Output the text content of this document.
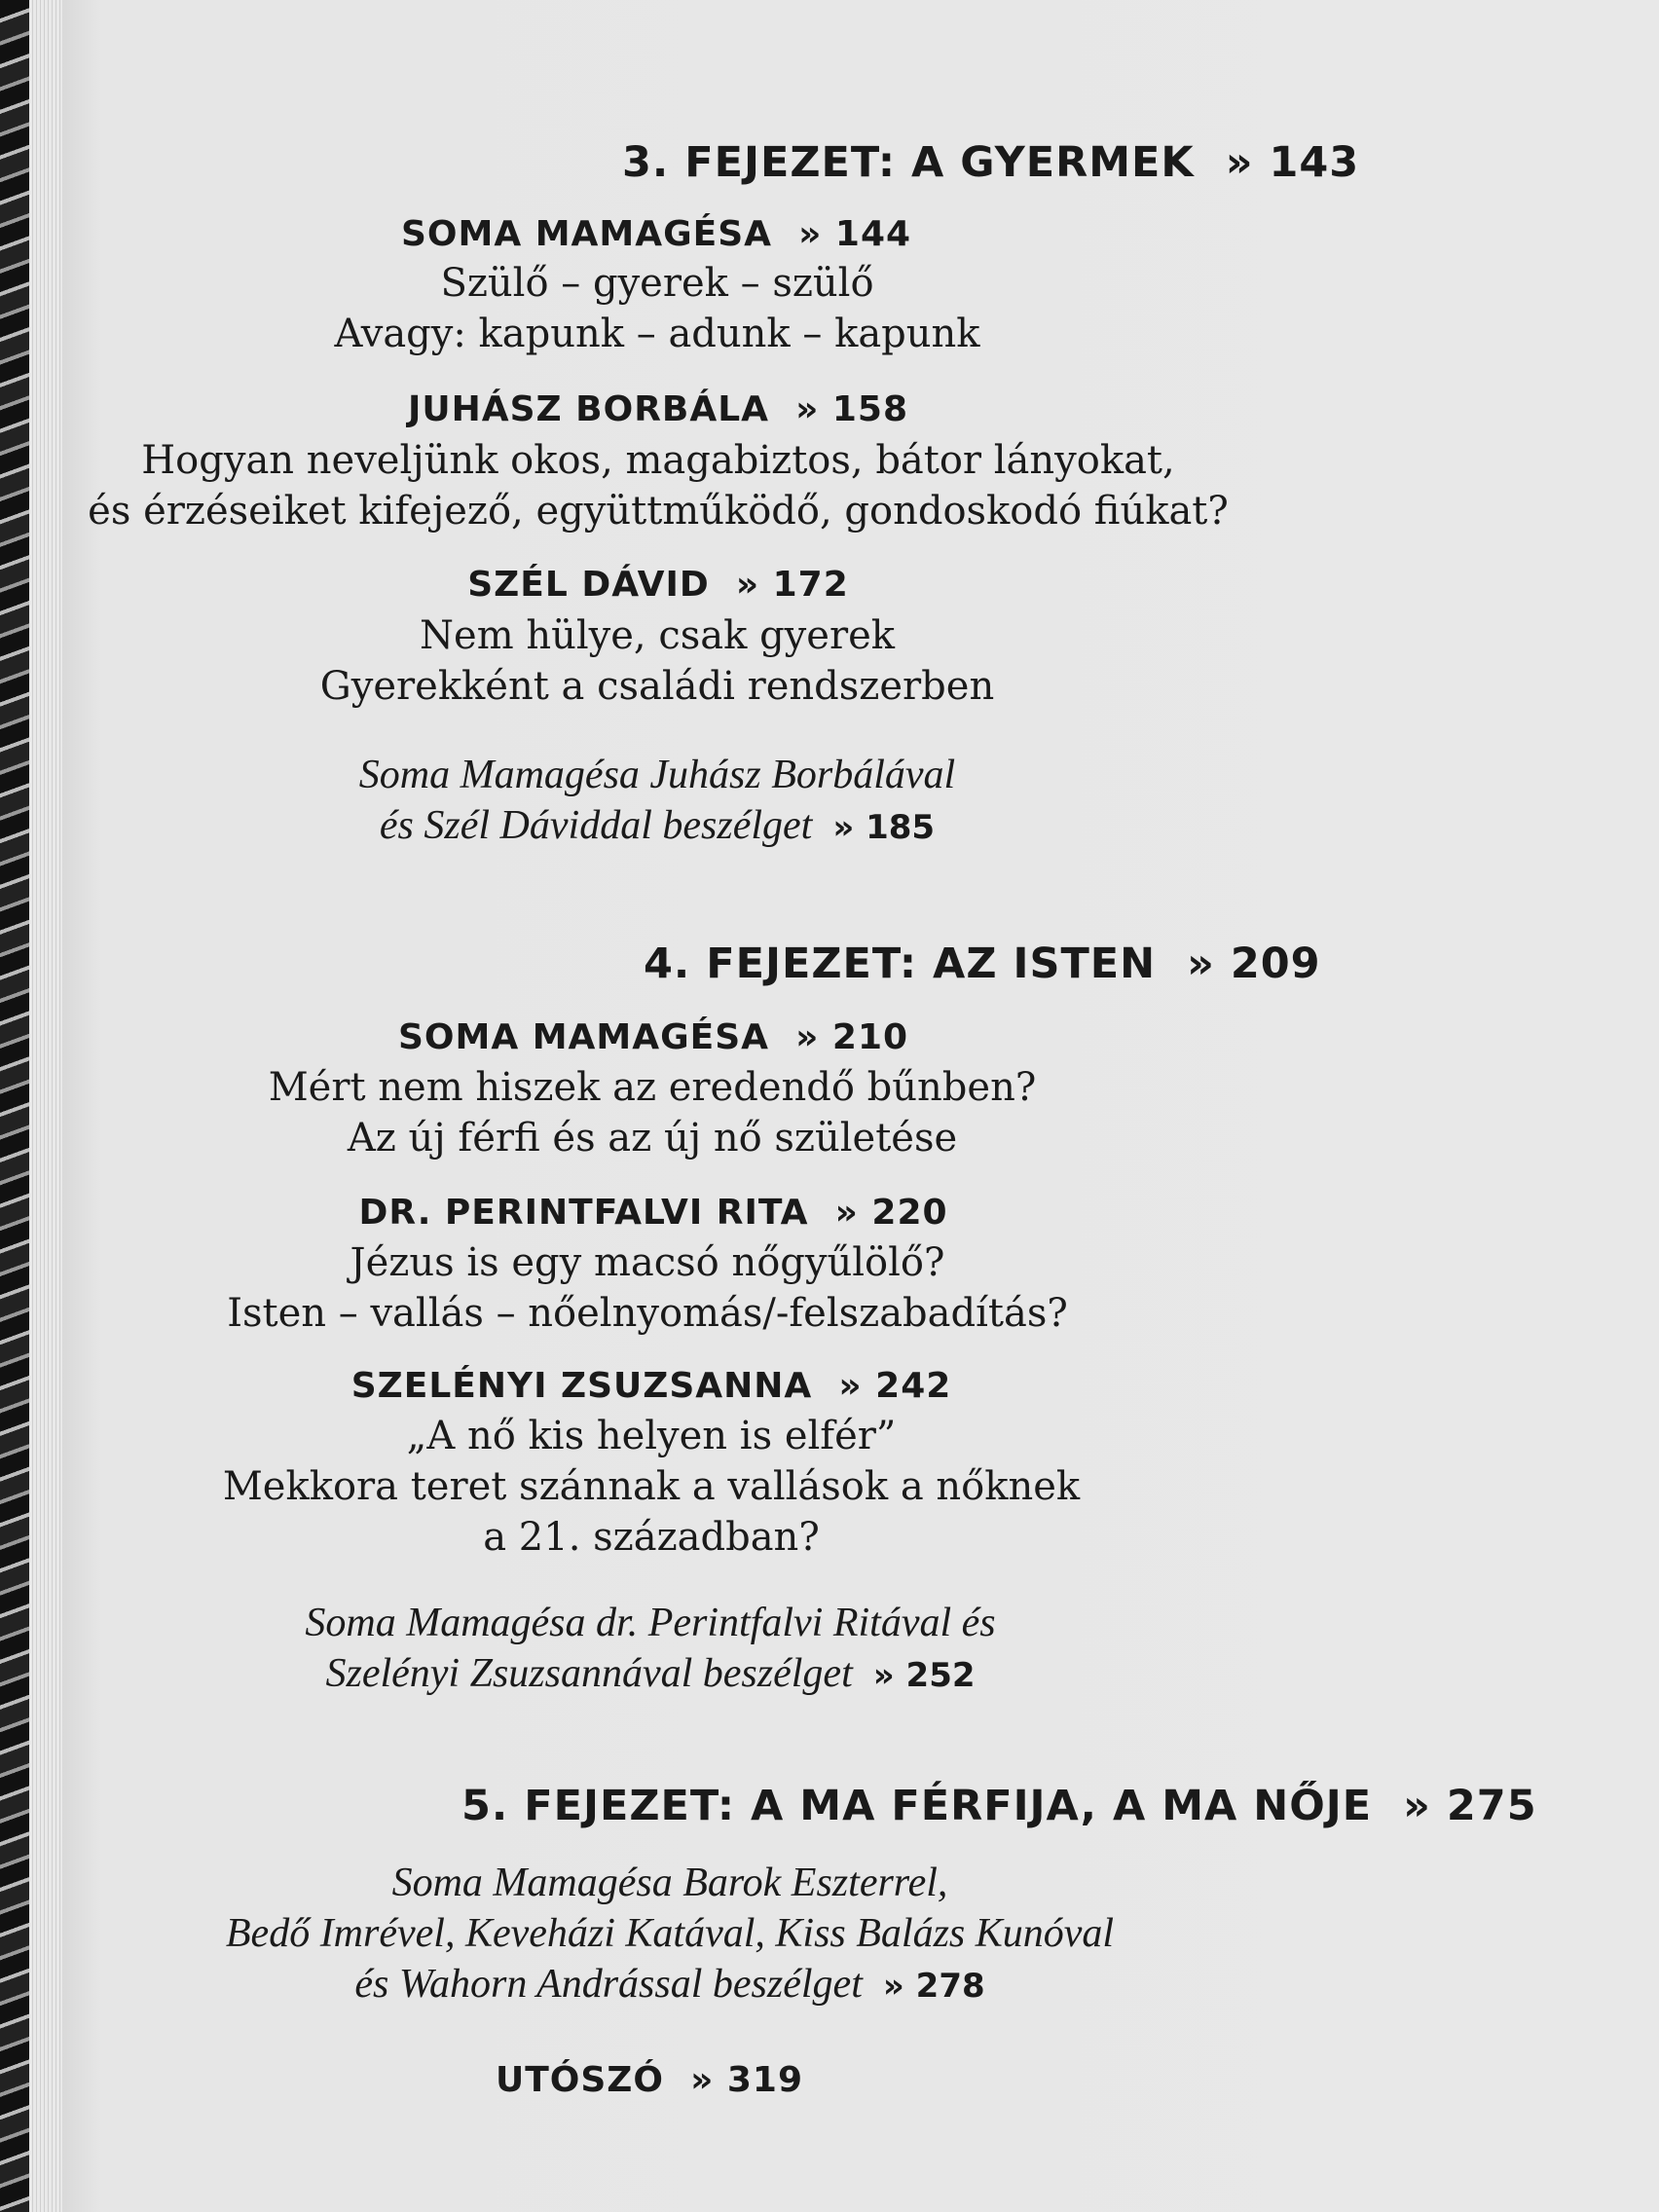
3. FEJEZET: A GYERMEK » 143
SOMA MAMAGÉSA » 144
Szülő – gyerek – szülő
Avagy: kapunk – adunk – kapunk
JUHÁSZ BORBÁLA » 158
Hogyan neveljünk okos, magabiztos, bátor lányokat,
és érzéseiket kifejező, együttműködő, gondoskodó fiúkat?
SZÉL DÁVID » 172
Nem hülye, csak gyerek
Gyerekként a családi rendszerben
Soma Mamagésa Juhász Borbálával
és Szél Dáviddal beszélget » 185
4. FEJEZET: AZ ISTEN » 209
SOMA MAMAGÉSA » 210
Mért nem hiszek az eredendő bűnben?
Az új férfi és az új nő születése
DR. PERINTFALVI RITA » 220
Jézus is egy macsó nőgyűlölő?
Isten – vallás – nőelnyomás/-felszabadítás?
SZELÉNYI ZSUZSANNA » 242
„A nő kis helyen is elfér”
Mekkora teret szánnak a vallások a nőknek
a 21. században?
Soma Mamagésa dr. Perintfalvi Ritával és
Szelényi Zsuzsannával beszélget » 252
5. FEJEZET: A MA FÉRFIJA, A MA NŐJE » 275
Soma Mamagésa Barok Eszterrel,
Bedő Imrével, Keveházi Katával, Kiss Balázs Kunóval
és Wahorn Andrással beszélget » 278
UTÓSZÓ » 319
